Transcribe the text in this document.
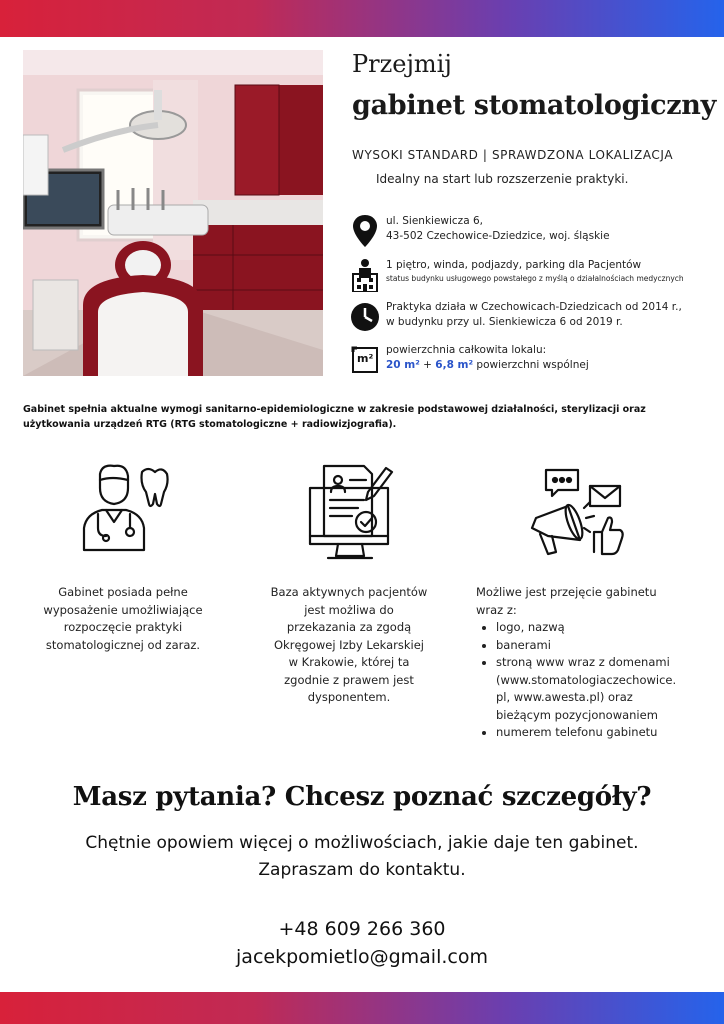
Przejmij
gabinet stomatologiczny
WYSOKI STANDARD | SPRAWDZONA LOKALIZACJA
Idealny na start lub rozszerzenie praktyki.
ul. Sienkiewicza 6,
43-502 Czechowice-Dziedzice, woj. śląskie
1 piętro, winda, podjazdy, parking dla Pacjentów
status budynku usługowego powstałego z myślą o działalnościach medycznych
Praktyka działa w Czechowicach-Dziedzicach od 2014 r.,
w budynku przy ul. Sienkiewicza 6 od 2019 r.
m²
powierzchnia całkowita lokalu:
20 m² + 6,8 m² powierzchni wspólnej
Gabinet spełnia aktualne wymogi sanitarno-epidemiologiczne w zakresie podstawowej działalności, sterylizacji oraz użytkowania urządzeń RTG (RTG stomatologiczne + radiowizjografia).
Gabinet posiada pełne
wyposażenie umożliwiające
rozpoczęcie praktyki
stomatologicznej od zaraz.
Baza aktywnych pacjentów
jest możliwa do
przekazania za zgodą
Okręgowej Izby Lekarskiej
w Krakowie, której ta
zgodnie z prawem jest
dysponentem.
Możliwe jest przejęcie gabinetu
wraz z:
• logo, nazwą
• banerami
• stroną www wraz z domenami
(www.stomatologiaczechowice.
pl, www.awesta.pl) oraz
bieżącym pozycjonowaniem
• numerem telefonu gabinetu
Masz pytania? Chcesz poznać szczegóły?
Chętnie opowiem więcej o możliwościach, jakie daje ten gabinet.
Zapraszam do kontaktu.
+48 609 266 360
jacekpomietlo@gmail.com
